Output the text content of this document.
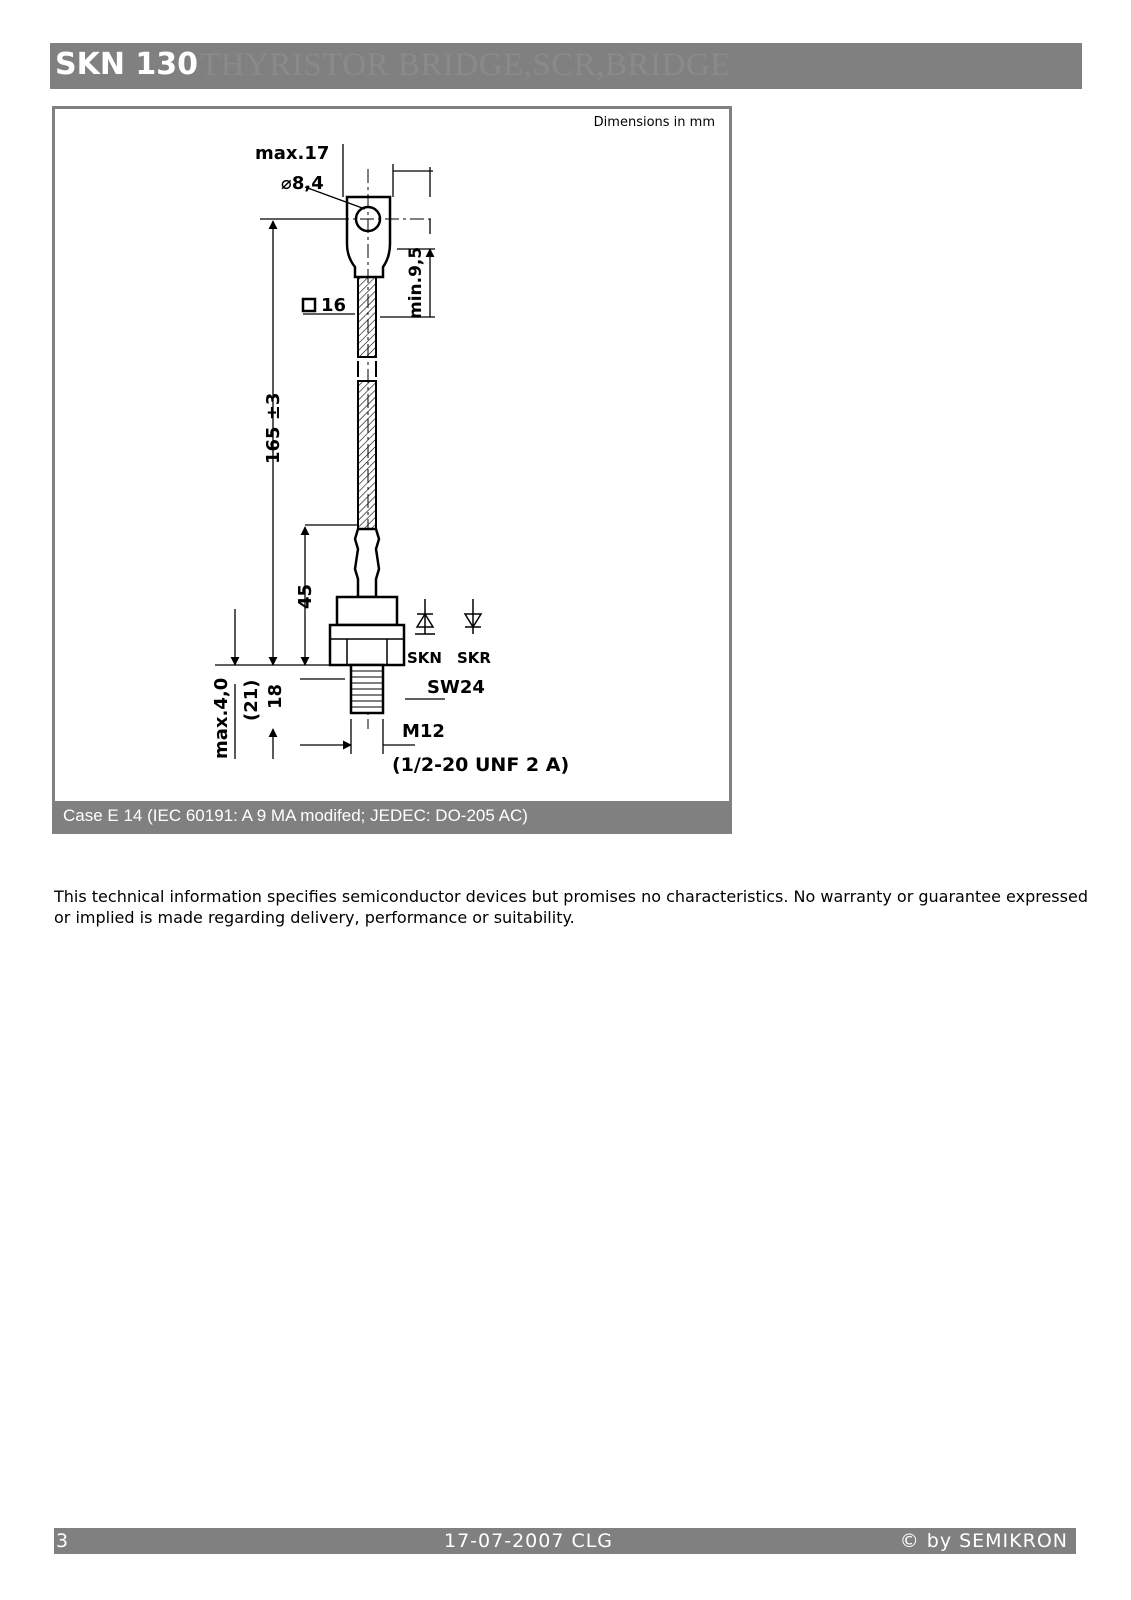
SKN 130 THYRISTOR BRIDGE,SCR,BRIDGE
Dimensions in mm
max.17
⌀8,4
min.9,5
16
165 ±3
45
SKN SKR
SW24
max.4,0 (21) 18
M12
(1/2-20 UNF 2 A)
Case E 14 (IEC 60191: A 9 MA modifed; JEDEC: DO-205 AC)
This technical information specifies semiconductor devices but promises no characteristics. No warranty or guarantee expressed or implied is made regarding delivery, performance or suitability.
3	17-07-2007 CLG	© by SEMIKRON
